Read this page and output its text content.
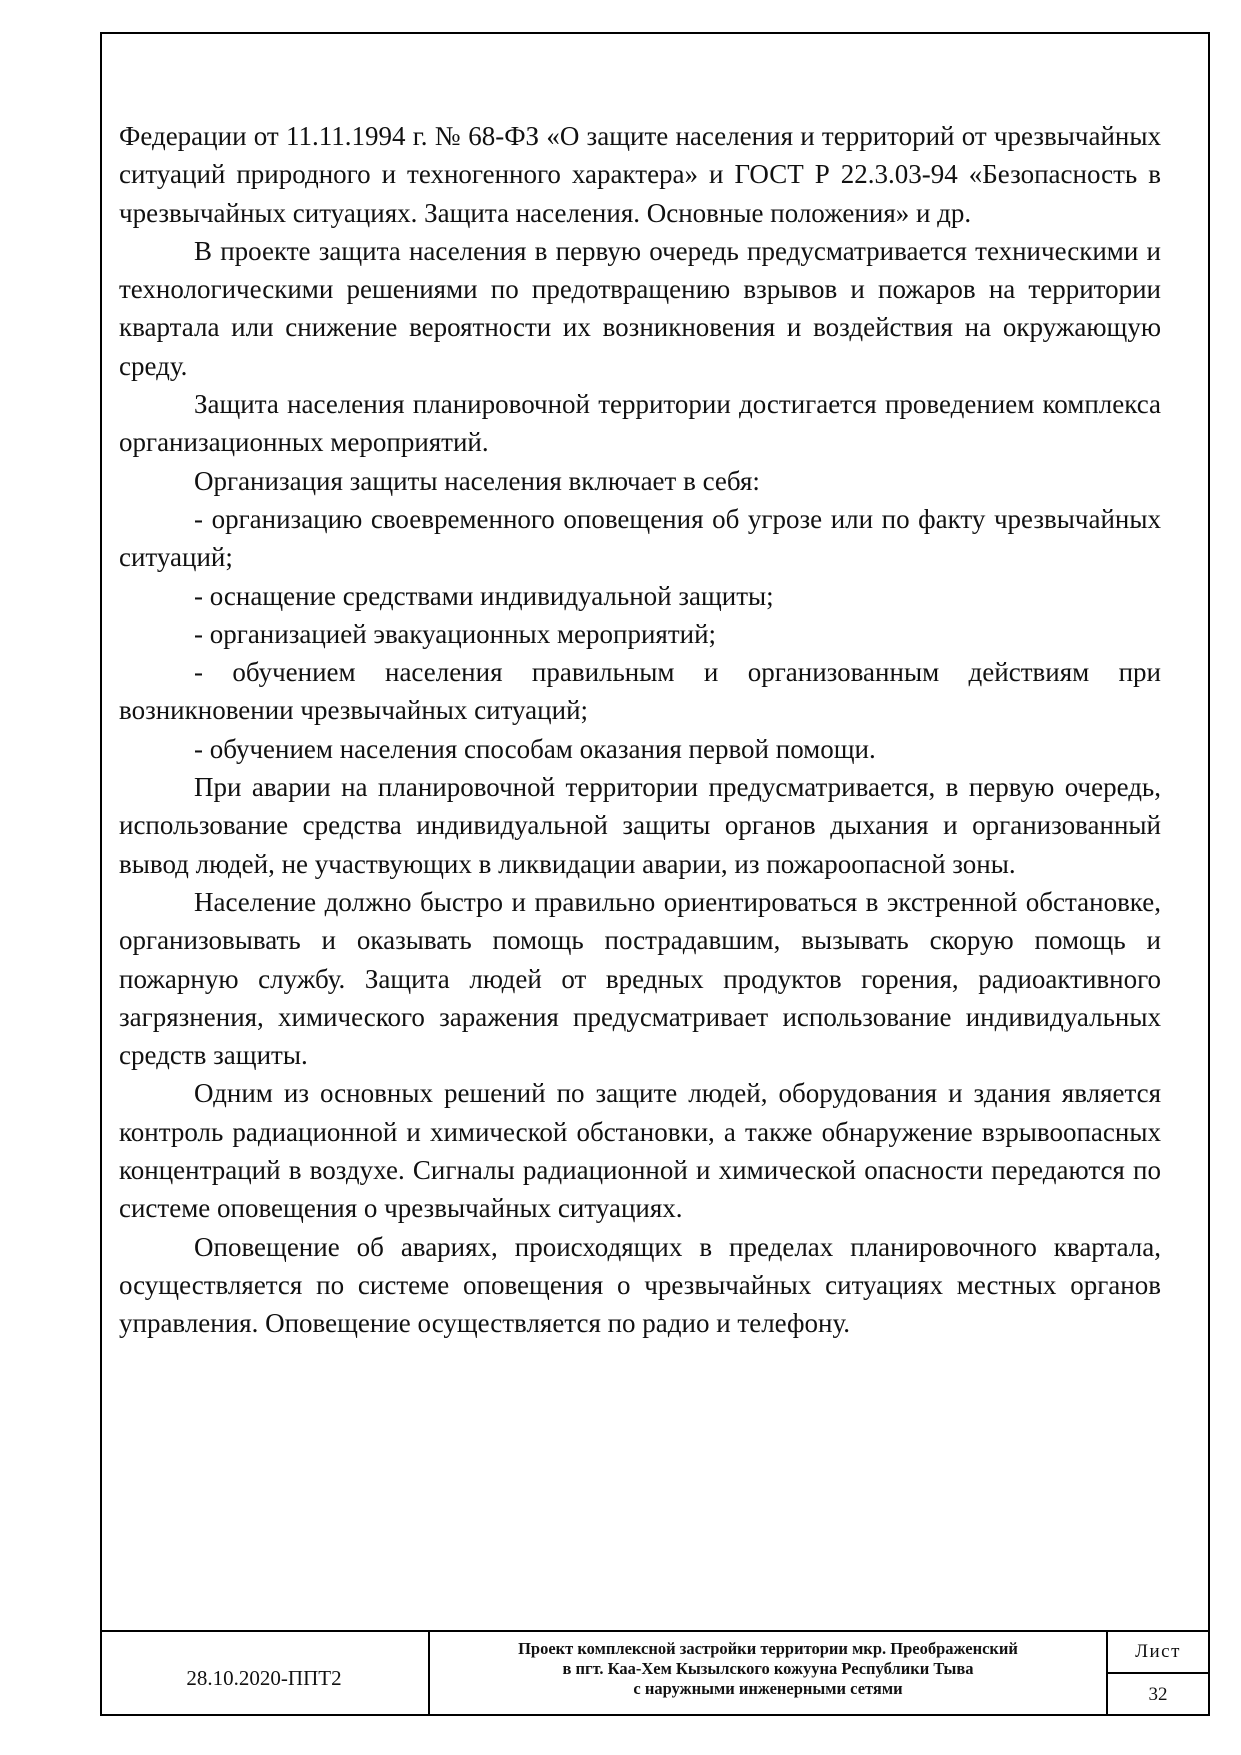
Федерации от 11.11.1994 г. № 68-ФЗ «О защите населения и территорий от чрезвычайных ситуаций природного и техногенного характера» и ГОСТ Р 22.3.03-94 «Безопасность в чрезвычайных ситуациях. Защита населения. Основные положения» и др.

В проекте защита населения в первую очередь предусматривается техническими и технологическими решениями по предотвращению взрывов и пожаров на территории квартала или снижение вероятности их возникновения и воздействия на окружающую среду.

Защита населения планировочной территории достигается проведением комплекса организационных мероприятий.

Организация защиты населения включает в себя:

- организацию своевременного оповещения об угрозе или по факту чрезвычайных ситуаций;

- оснащение средствами индивидуальной защиты;

- организацией эвакуационных мероприятий;

- обучением населения правильным и организованным действиям при возникновении чрезвычайных ситуаций;

- обучением населения способам оказания первой помощи.

При аварии на планировочной территории предусматривается, в первую очередь, использование средства индивидуальной защиты органов дыхания и организованный вывод людей, не участвующих в ликвидации аварии, из пожароопасной зоны.

Население должно быстро и правильно ориентироваться в экстренной обстановке, организовывать и оказывать помощь пострадавшим, вызывать скорую помощь и пожарную службу. Защита людей от вредных продуктов горения, радиоактивного загрязнения, химического заражения предусматривает использование индивидуальных средств защиты.

Одним из основных решений по защите людей, оборудования и здания является контроль радиационной и химической обстановки, а также обнаружение взрывоопасных концентраций в воздухе. Сигналы радиационной и химической опасности передаются по системе оповещения о чрезвычайных ситуациях.

Оповещение об авариях, происходящих в пределах планировочного квартала, осуществляется по системе оповещения о чрезвычайных ситуациях местных органов управления. Оповещение осуществляется по радио и телефону.

28.10.2020-ППТ2
Проект комплексной застройки территории мкр. Преображенский
в пгт. Каа-Хем Кызылского кожууна Республики Тыва
с наружными инженерными сетями
Лист
32
